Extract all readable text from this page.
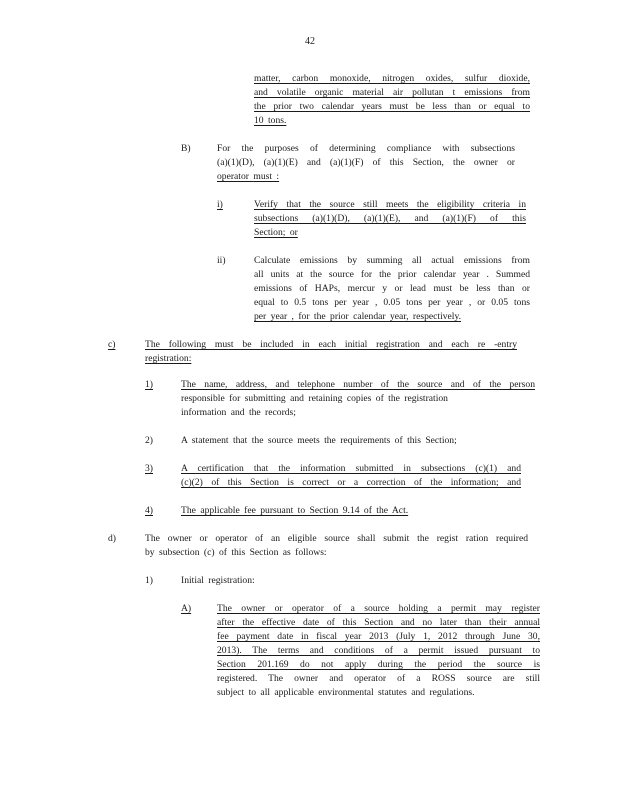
42
matter, carbon monoxide, nitrogen oxides, sulfur dioxide,
and volatile organic material air pollutan t emissions from
the prior two calendar years must be less than or equal to
10 tons.
B)	For the purposes of determining compliance with subsections
(a)(1)(D), (a)(1)(E) and (a)(1)(F) of this Section, the owner or
operator must :
i)	Verify that the source still meets the eligibility criteria in
subsections (a)(1)(D), (a)(1)(E), and (a)(1)(F) of this
Section; or
ii)	Calculate emissions by summing all actual emissions from
all units at the source for the prior calendar year . Summed
emissions of HAPs, mercur y or lead must be less than or
equal to 0.5 tons per year , 0.05 tons per year , or 0.05 tons
per year , for the prior calendar year, respectively.
c)	The following must be included in each initial registration and each re -entry
registration:
1)	The name, address, and telephone number of the source and of the person
responsible for submitting and retaining copies of the registration
information and the records;
2)	A statement that the source meets the requirements of this Section;
3)	A certification that the information submitted in subsections (c)(1) and
(c)(2) of this Section is correct or a correction of the information; and
4)	The applicable fee pursuant to Section 9.14 of the Act.
d)	The owner or operator of an eligible source shall submit the regist ration required
by subsection (c) of this Section as follows:
1)	Initial registration:
A)	The owner or operator of a source holding a permit may register
after the effective date of this Section and no later than their annual
fee payment date in fiscal year 2013 (July 1, 2012 through June 30,
2013). The terms and conditions of a permit issued pursuant to
Section 201.169 do not apply during the period the source is
registered. The owner and operator of a ROSS source are still
subject to all applicable environmental statutes and regulations.
